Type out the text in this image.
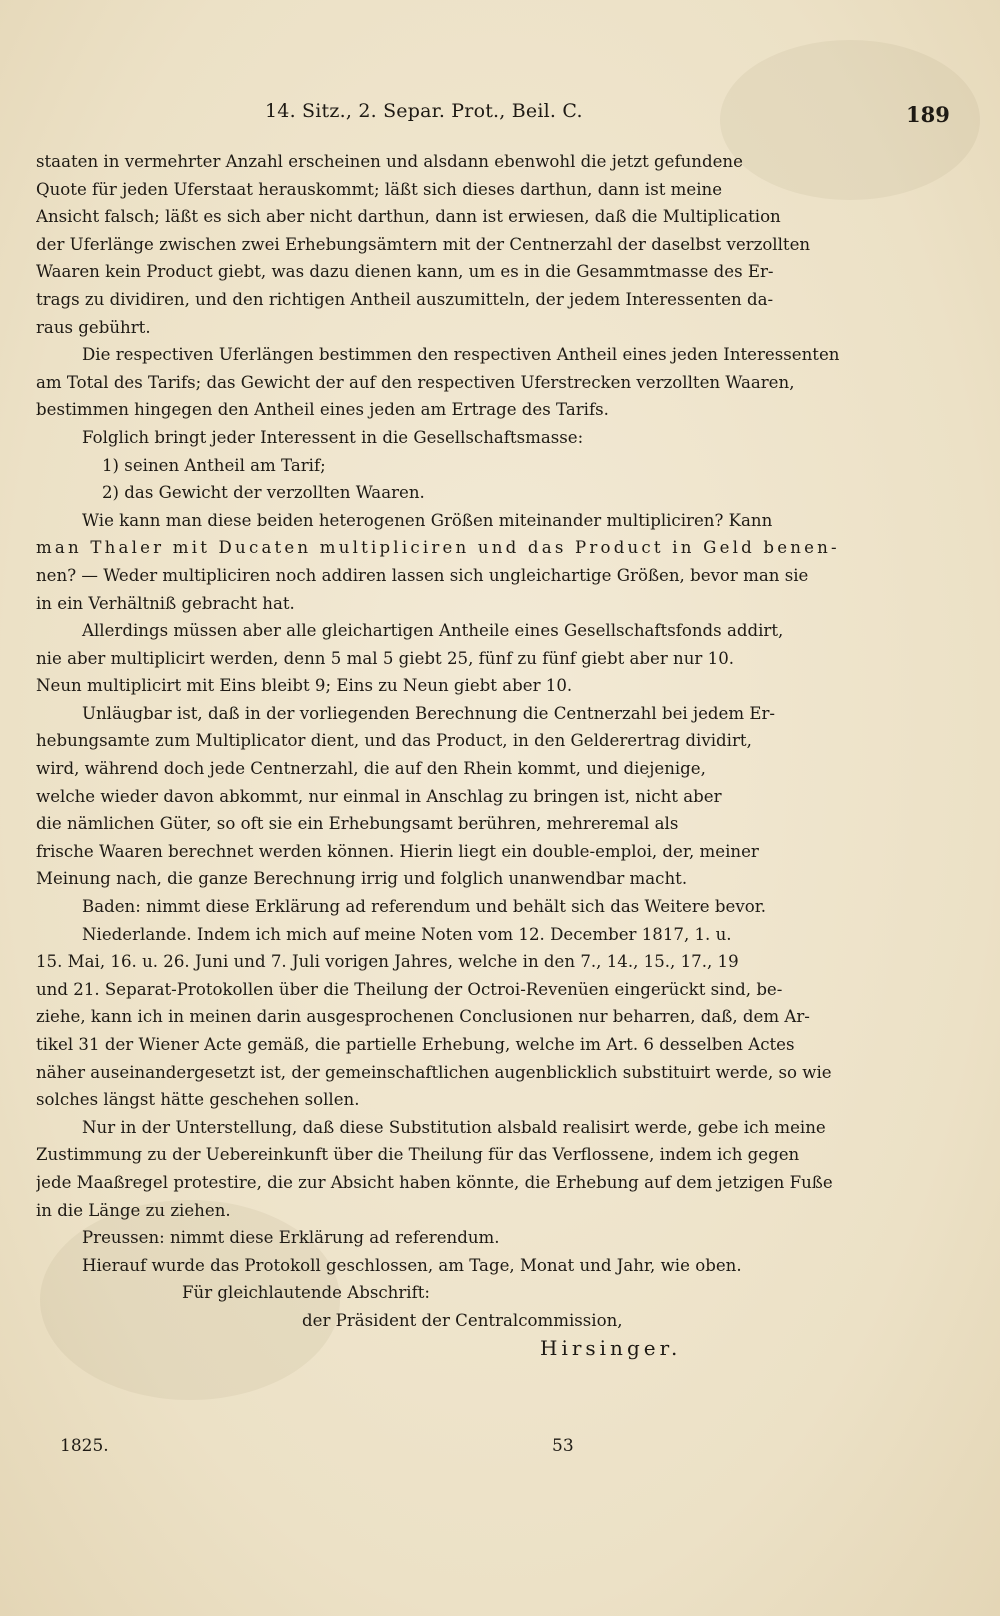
14. Sitz., 2. Separ. Prot., Beil. C.	189
staaten in vermehrter Anzahl erscheinen und alsdann ebenwohl die jetzt gefundene
Quote für jeden Uferstaat herauskommt; läßt sich dieses darthun, dann ist meine
Ansicht falsch; läßt es sich aber nicht darthun, dann ist erwiesen, daß die Multiplication
der Uferlänge zwischen zwei Erhebungsämtern mit der Centnerzahl der daselbst verzollten
Waaren kein Product giebt, was dazu dienen kann, um es in die Gesammtmasse des Er-
trags zu dividiren, und den richtigen Antheil auszumitteln, der jedem Interessenten da-
raus gebührt.
Die respectiven Uferlängen bestimmen den respectiven Antheil eines jeden Interessenten
am Total des Tarifs; das Gewicht der auf den respectiven Uferstrecken verzollten Waaren,
bestimmen hingegen den Antheil eines jeden am Ertrage des Tarifs.
Folglich bringt jeder Interessent in die Gesellschaftsmasse:
1) seinen Antheil am Tarif;
2) das Gewicht der verzollten Waaren.
Wie kann man diese beiden heterogenen Größen miteinander multipliciren? Kann
man Thaler mit Ducaten multipliciren und das Product in Geld benen-
nen? — Weder multipliciren noch addiren lassen sich ungleichartige Größen, bevor man sie
in ein Verhältniß gebracht hat.
Allerdings müssen aber alle gleichartigen Antheile eines Gesellschaftsfonds addirt,
nie aber multiplicirt werden, denn 5 mal 5 giebt 25, fünf zu fünf giebt aber nur 10.
Neun multiplicirt mit Eins bleibt 9; Eins zu Neun giebt aber 10.
Unläugbar ist, daß in der vorliegenden Berechnung die Centnerzahl bei jedem Er-
hebungsamte zum Multiplicator dient, und das Product, in den Gelderertrag dividirt,
wird, während doch jede Centnerzahl, die auf den Rhein kommt, und diejenige,
welche wieder davon abkommt, nur einmal in Anschlag zu bringen ist, nicht aber
die nämlichen Güter, so oft sie ein Erhebungsamt berühren, mehreremal als
frische Waaren berechnet werden können. Hierin liegt ein double-emploi, der, meiner
Meinung nach, die ganze Berechnung irrig und folglich unanwendbar macht.
Baden: nimmt diese Erklärung ad referendum und behält sich das Weitere bevor.
Niederlande. Indem ich mich auf meine Noten vom 12. December 1817, 1. u.
15. Mai, 16. u. 26. Juni und 7. Juli vorigen Jahres, welche in den 7., 14., 15., 17., 19
und 21. Separat-Protokollen über die Theilung der Octroi-Revenüen eingerückt sind, be-
ziehe, kann ich in meinen darin ausgesprochenen Conclusionen nur beharren, daß, dem Ar-
tikel 31 der Wiener Acte gemäß, die partielle Erhebung, welche im Art. 6 desselben Actes
näher auseinandergesetzt ist, der gemeinschaftlichen augenblicklich substituirt werde, so wie
solches längst hätte geschehen sollen.
Nur in der Unterstellung, daß diese Substitution alsbald realisirt werde, gebe ich meine
Zustimmung zu der Uebereinkunft über die Theilung für das Verflossene, indem ich gegen
jede Maaßregel protestire, die zur Absicht haben könnte, die Erhebung auf dem jetzigen Fuße
in die Länge zu ziehen.
Preussen: nimmt diese Erklärung ad referendum.
Hierauf wurde das Protokoll geschlossen, am Tage, Monat und Jahr, wie oben.
Für gleichlautende Abschrift:
der Präsident der Centralcommission,
Hirsinger.
1825.	53
